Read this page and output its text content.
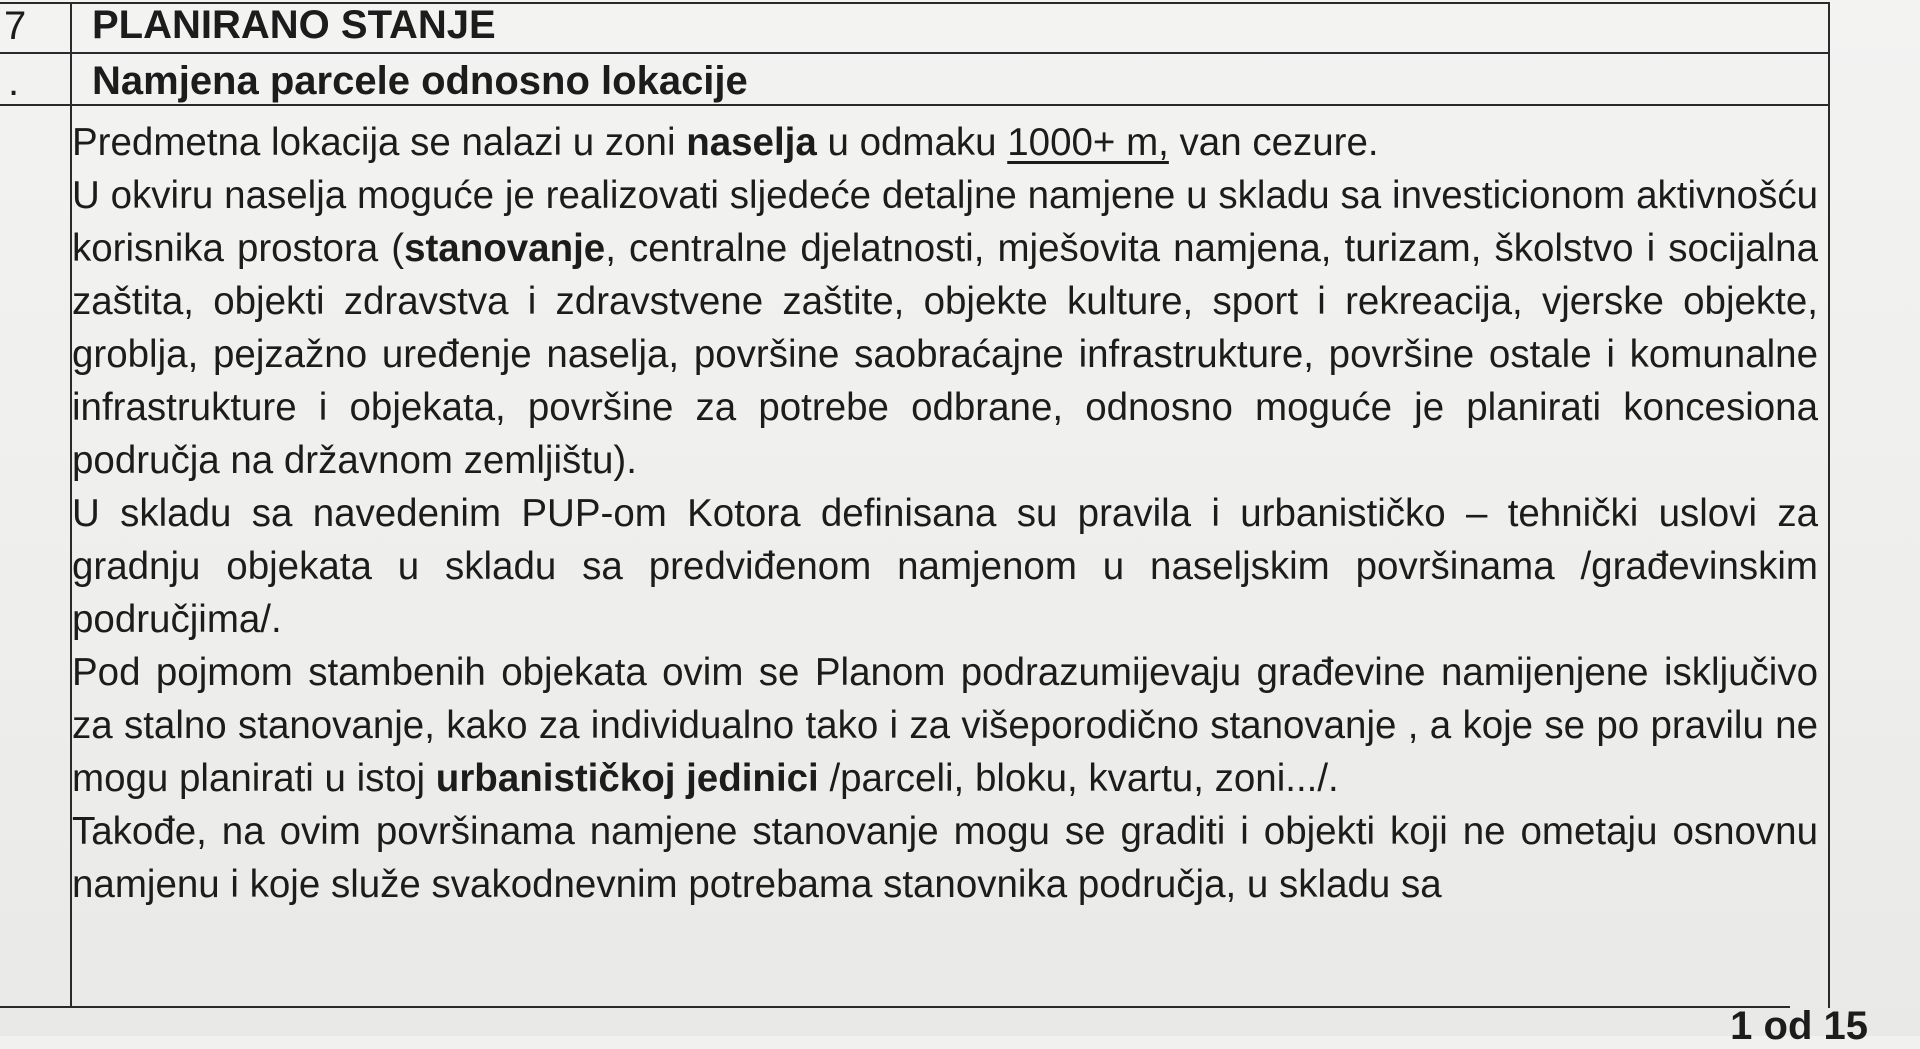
7
.
PLANIRANO STANJE
Namjena parcele odnosno lokacije

Predmetna lokacija se nalazi u zoni naselja u odmaku 1000+ m, van cezure.

U okviru naselja moguće je realizovati sljedeće detaljne namjene u skladu sa investicionom aktivnošću korisnika prostora (stanovanje, centralne djelatnosti, mješovita namjena, turizam, školstvo i socijalna zaštita, objekti zdravstva i zdravstvene zaštite, objekte kulture, sport i rekreacija, vjerske objekte, groblja, pejzažno uređenje naselja, površine saobraćajne infrastrukture, površine ostale i komunalne infrastrukture i objekata, površine za potrebe odbrane, odnosno moguće je planirati koncesiona područja na državnom zemljištu).

U skladu sa navedenim PUP-om Kotora definisana su pravila i urbanističko – tehnički uslovi za gradnju objekata u skladu sa predviđenom namjenom u naseljskim površinama /građevinskim područjima/.

Pod pojmom stambenih objekata ovim se Planom podrazumijevaju građevine namijenjene isključivo za stalno stanovanje, kako za individualno tako i za višeporodično stanovanje , a koje se po pravilu ne mogu planirati u istoj urbanističkoj jedinici /parceli, bloku, kvartu, zoni.../.

Takođe, na ovim površinama namjene stanovanje mogu se graditi i objekti koji ne ometaju osnovnu namjenu i koje služe svakodnevnim potrebama stanovnika područja, u skladu sa

1 od 15
